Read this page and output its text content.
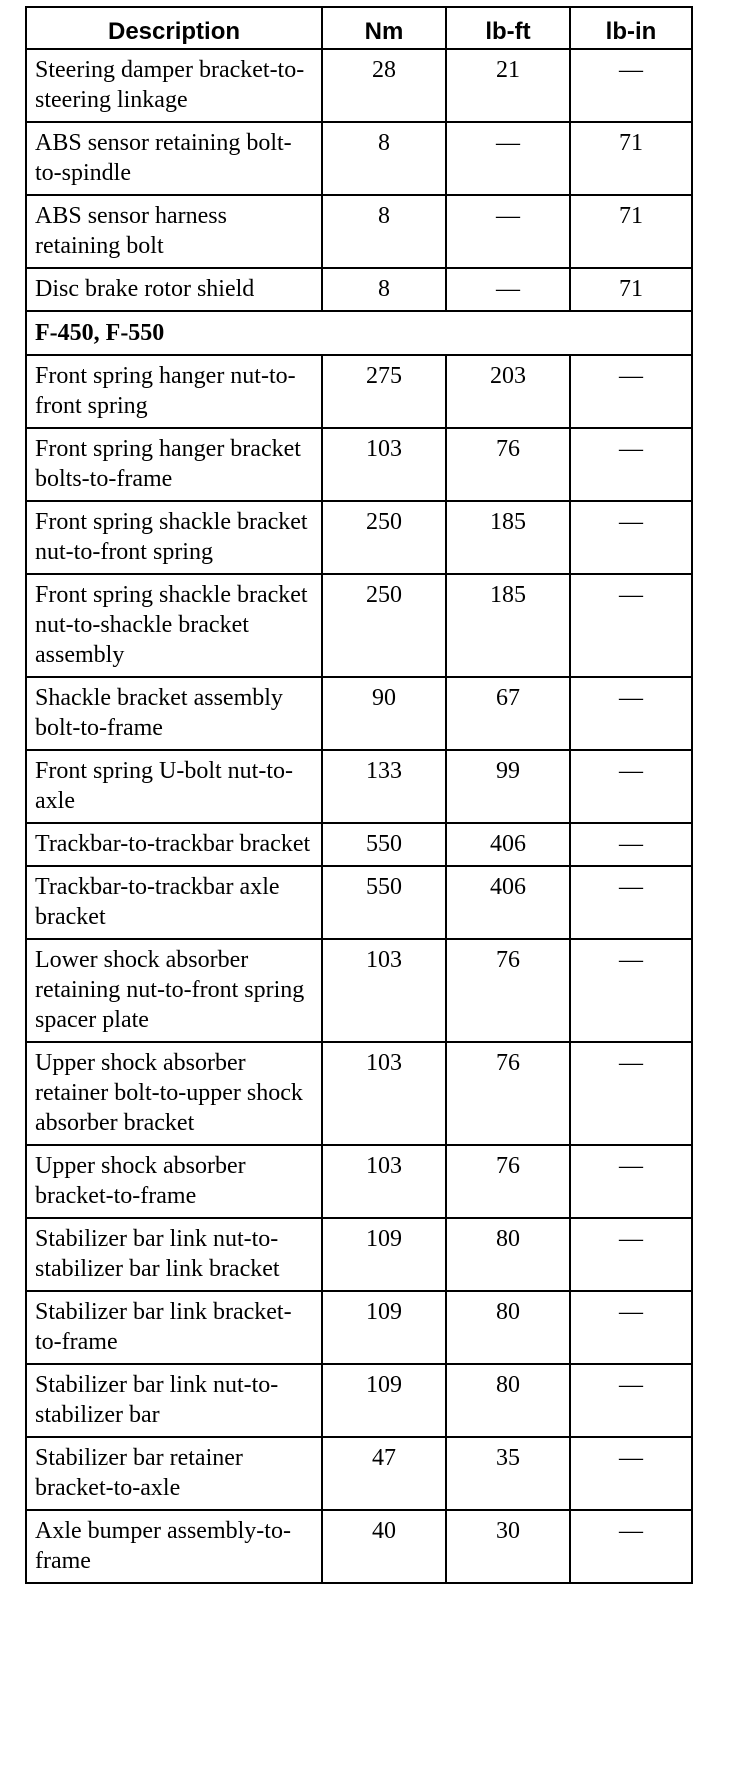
Description	Nm	lb-ft	lb-in
Steering damper bracket-to-steering linkage	28	21	—
ABS sensor retaining bolt-to-spindle	8	—	71
ABS sensor harness retaining bolt	8	—	71
Disc brake rotor shield	8	—	71
F-450, F-550			
Front spring hanger nut-to-front spring	275	203	—
Front spring hanger bracket bolts-to-frame	103	76	—
Front spring shackle bracket nut-to-front spring	250	185	—
Front spring shackle bracket nut-to-shackle bracket assembly	250	185	—
Shackle bracket assembly bolt-to-frame	90	67	—
Front spring U-bolt nut-to-axle	133	99	—
Trackbar-to-trackbar bracket	550	406	—
Trackbar-to-trackbar axle bracket	550	406	—
Lower shock absorber retaining nut-to-front spring spacer plate	103	76	—
Upper shock absorber retainer bolt-to-upper shock absorber bracket	103	76	—
Upper shock absorber bracket-to-frame	103	76	—
Stabilizer bar link nut-to-stabilizer bar link bracket	109	80	—
Stabilizer bar link bracket-to-frame	109	80	—
Stabilizer bar link nut-to-stabilizer bar	109	80	—
Stabilizer bar retainer bracket-to-axle	47	35	—
Axle bumper assembly-to-frame	40	30	—
